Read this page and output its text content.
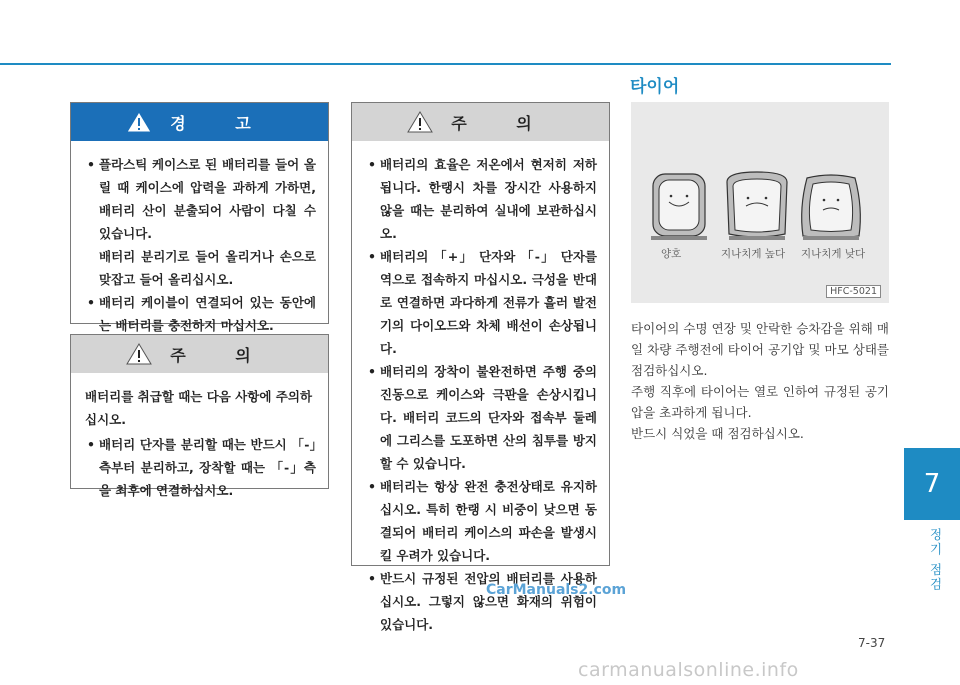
경 고
• 플라스틱 케이스로 된 배터리를 들어 올릴 때 케이스에 압력을 과하게 가하면, 배터리 산이 분출되어 사람이 다칠 수 있습니다.
배터리 분리기로 들어 올리거나 손으로 맞잡고 들어 올리십시오.
• 배터리 케이블이 연결되어 있는 동안에는 배터리를 충전하지 마십시오.
주 의
배터리를 취급할 때는 다음 사항에 주의하십시오.
• 배터리 단자를 분리할 때는 반드시 「-」측부터 분리하고, 장착할 때는 「-」측을 최후에 연결하십시오.
주 의
• 배터리의 효율은 저온에서 현저히 저하됩니다. 한랭시 차를 장시간 사용하지 않을 때는 분리하여 실내에 보관하십시오.
• 배터리의 「+」 단자와 「-」 단자를 역으로 접속하지 마십시오. 극성을 반대로 연결하면 과다하게 전류가 흘러 발전기의 다이오드와 차체 배선이 손상됩니다.
• 배터리의 장착이 불완전하면 주행 중의 진동으로 케이스와 극판을 손상시킵니다. 배터리 코드의 단자와 접속부 둘레에 그리스를 도포하면 산의 침투를 방지할 수 있습니다.
• 배터리는 항상 완전 충전상태로 유지하십시오. 특히 한랭 시 비중이 낮으면 동결되어 배터리 케이스의 파손을 발생시킬 우려가 있습니다.
• 반드시 규정된 전압의 배터리를 사용하십시오. 그렇지 않으면 화재의 위험이 있습니다.
타이어
양호	지나치게 높다 지나치게 낮다
HFC-5021

타이어의 수명 연장 및 안락한 승차감을 위해 매일 차량 주행전에 타이어 공기압 및 마모 상태를 점검하십시오.

주행 직후에 타이어는 열로 인하여 규정된 공기압을 초과하게 됩니다.

반드시 식었을 때 점검하십시오.

7
정기 점검
7-37
CarManuals2.com
carmanualsonline.info
